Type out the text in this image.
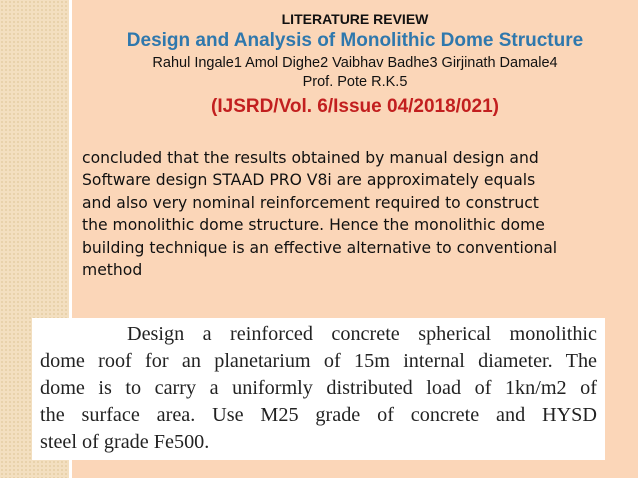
LITERATURE REVIEW
Design and Analysis of Monolithic Dome Structure
Rahul Ingale1 Amol Dighe2 Vaibhav Badhe3 Girjinath Damale4
Prof. Pote R.K.5
(IJSRD/Vol. 6/Issue 04/2018/021)
concluded that the results obtained by manual design and
Software design STAAD PRO V8i are approximately equals
and also very nominal reinforcement required to construct
the monolithic dome structure. Hence the monolithic dome
building technique is an effective alternative to conventional
method
Design a reinforced concrete spherical monolithic
dome roof for an planetarium of 15m internal diameter. The
dome is to carry a uniformly distributed load of 1kn/m2 of
the surface area. Use M25 grade of concrete and HYSD
steel of grade Fe500.
